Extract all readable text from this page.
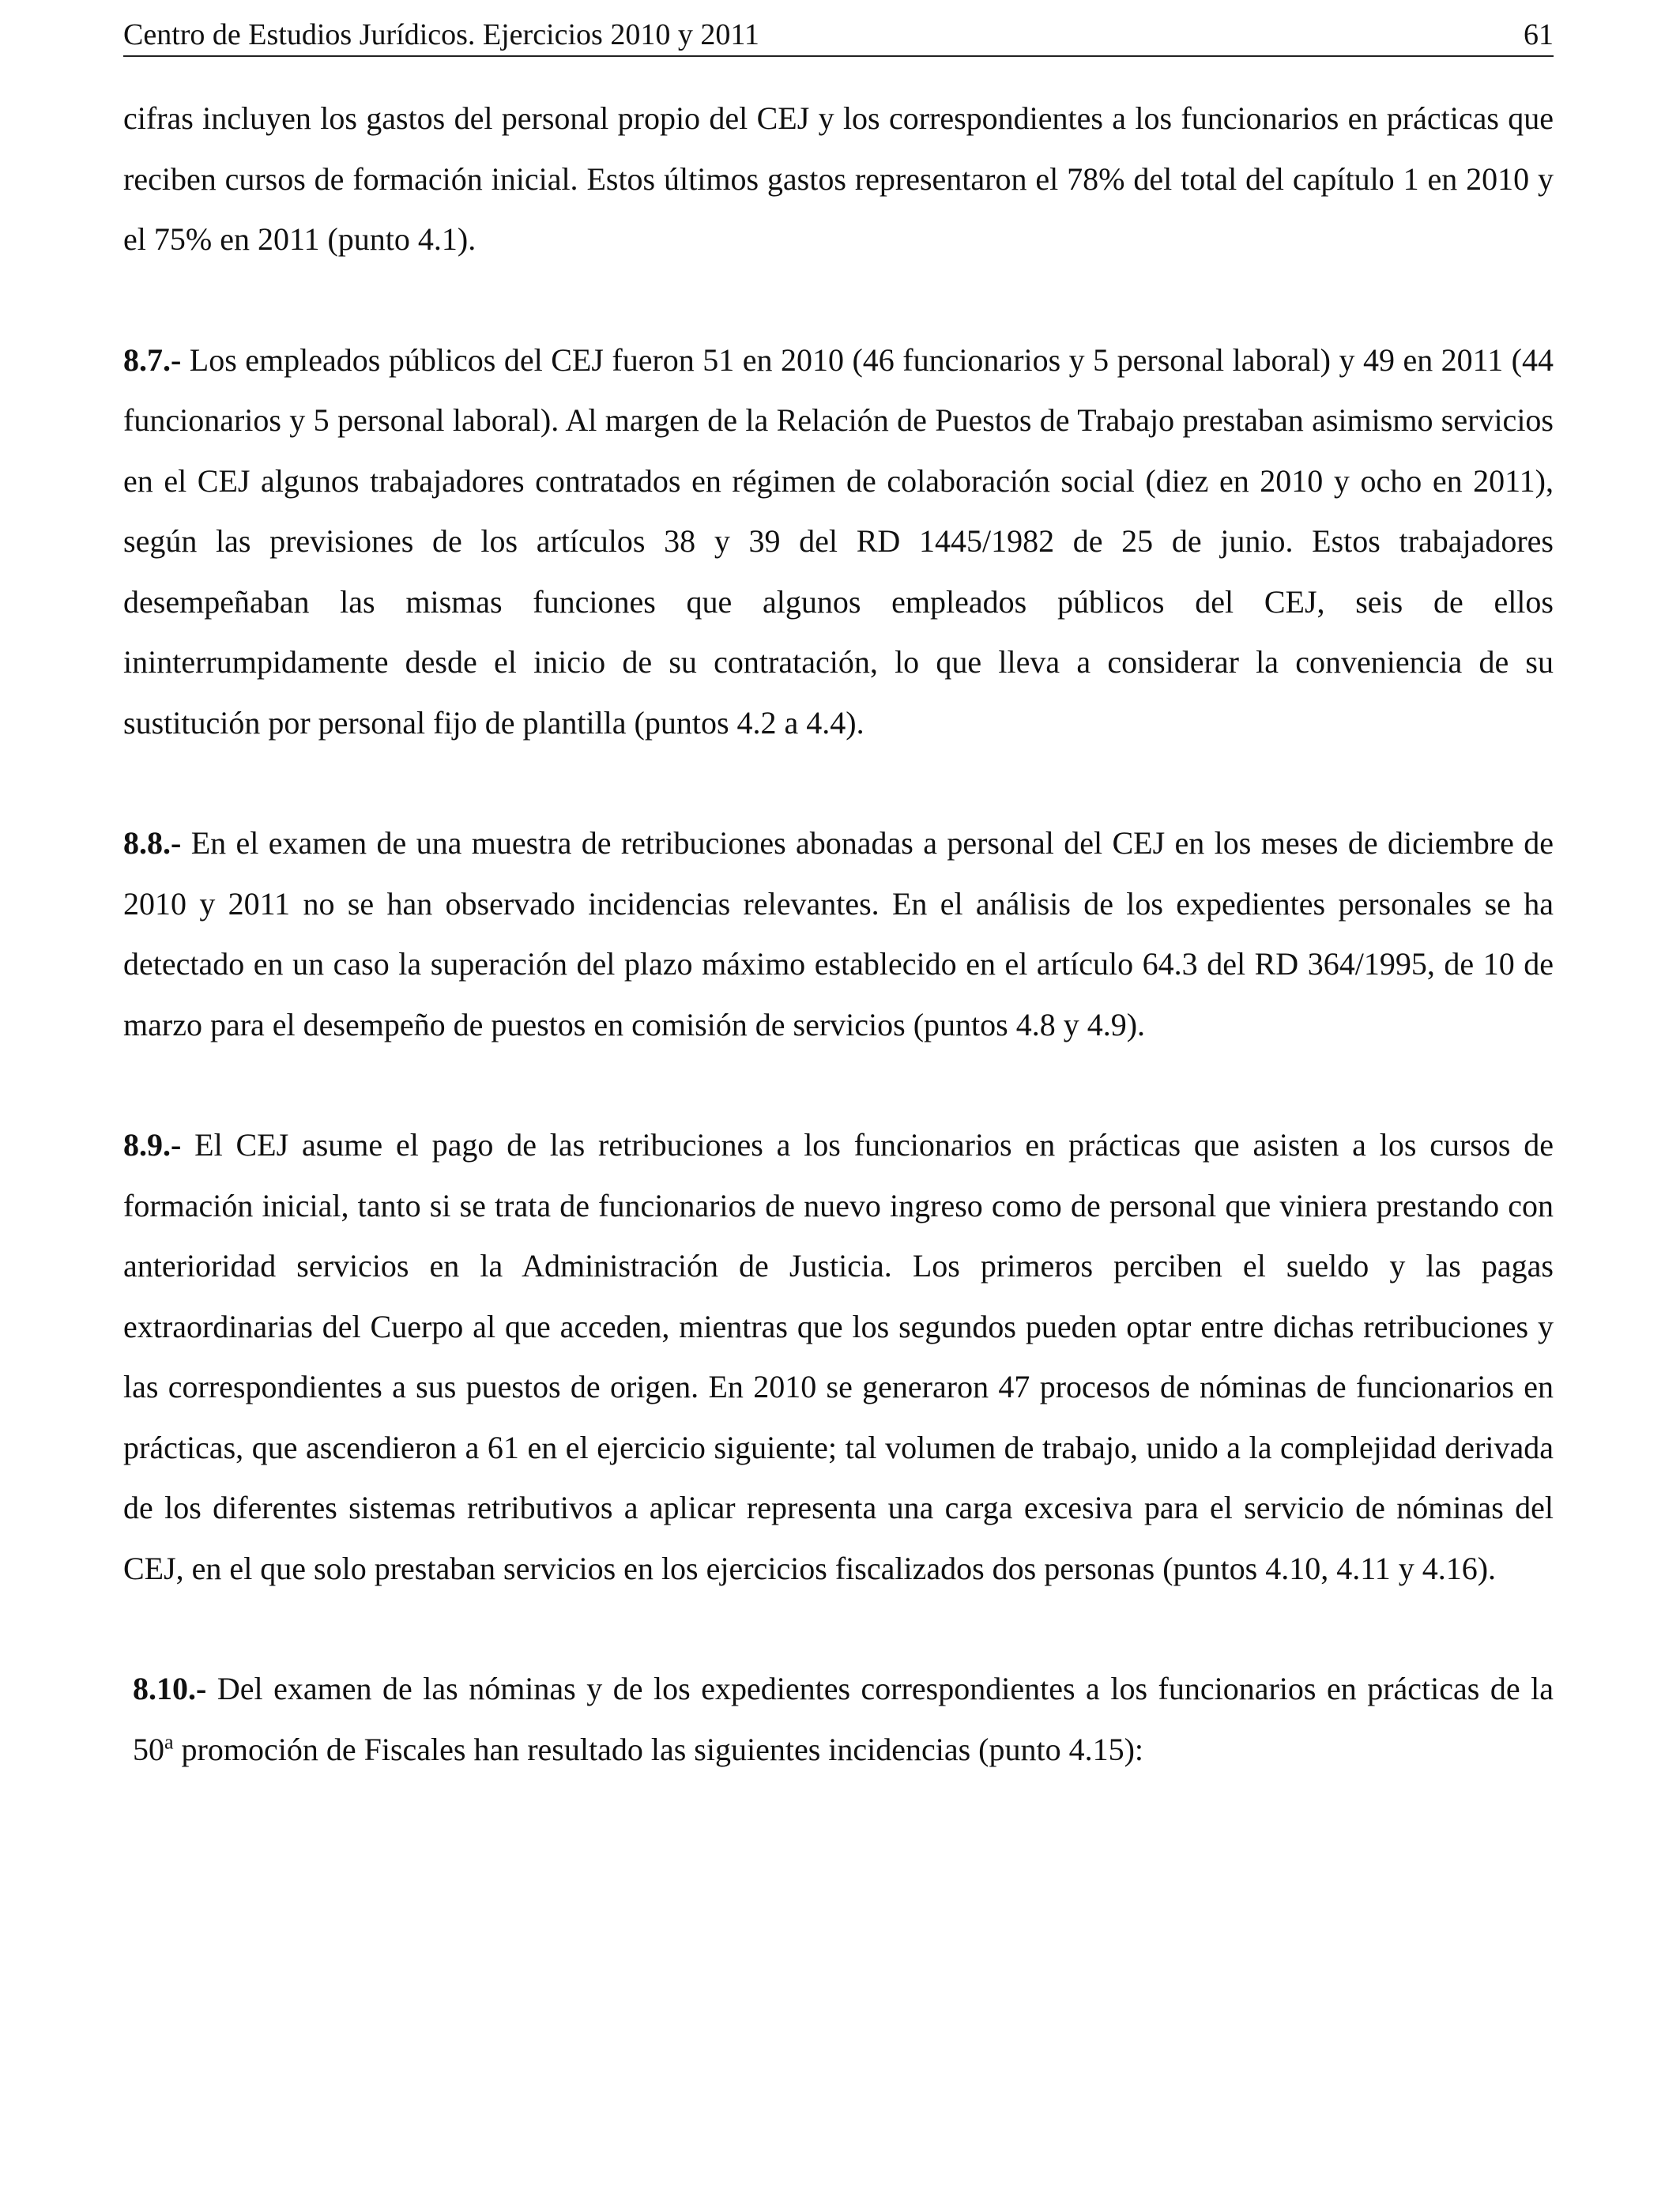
Centro de Estudios Jurídicos. Ejercicios 2010 y 2011	61

cifras incluyen los gastos del personal propio del CEJ y los correspondientes a los funcionarios en prácticas que reciben cursos de formación inicial. Estos últimos gastos representaron el 78% del total del capítulo 1 en 2010 y el 75% en 2011 (punto 4.1).

8.7.- Los empleados públicos del CEJ fueron 51 en 2010 (46 funcionarios y 5 personal laboral) y 49 en 2011 (44 funcionarios y 5 personal laboral). Al margen de la Relación de Puestos de Trabajo prestaban asimismo servicios en el CEJ algunos trabajadores contratados en régimen de colaboración social (diez en 2010 y ocho en 2011), según las previsiones de los artículos 38 y 39 del RD 1445/1982 de 25 de junio. Estos trabajadores desempeñaban las mismas funciones que algunos empleados públicos del CEJ, seis de ellos ininterrumpidamente desde el inicio de su contratación, lo que lleva a considerar la conveniencia de su sustitución por personal fijo de plantilla (puntos 4.2 a 4.4).

8.8.- En el examen de una muestra de retribuciones abonadas a personal del CEJ en los meses de diciembre de 2010 y 2011 no se han observado incidencias relevantes. En el análisis de los expedientes personales se ha detectado en un caso la superación del plazo máximo establecido en el artículo 64.3 del RD 364/1995, de 10 de marzo para el desempeño de puestos en comisión de servicios (puntos 4.8 y 4.9).

8.9.- El CEJ asume el pago de las retribuciones a los funcionarios en prácticas que asisten a los cursos de formación inicial, tanto si se trata de funcionarios de nuevo ingreso como de personal que viniera prestando con anterioridad servicios en la Administración de Justicia. Los primeros perciben el sueldo y las pagas extraordinarias del Cuerpo al que acceden, mientras que los segundos pueden optar entre dichas retribuciones y las correspondientes a sus puestos de origen. En 2010 se generaron 47 procesos de nóminas de funcionarios en prácticas, que ascendieron a 61 en el ejercicio siguiente; tal volumen de trabajo, unido a la complejidad derivada de los diferentes sistemas retributivos a aplicar representa una carga excesiva para el servicio de nóminas del CEJ, en el que solo prestaban servicios en los ejercicios fiscalizados dos personas (puntos 4.10, 4.11 y 4.16).

8.10.- Del examen de las nóminas y de los expedientes correspondientes a los funcionarios en prácticas de la 50$^a$ promoción de Fiscales han resultado las siguientes incidencias (punto 4.15):
